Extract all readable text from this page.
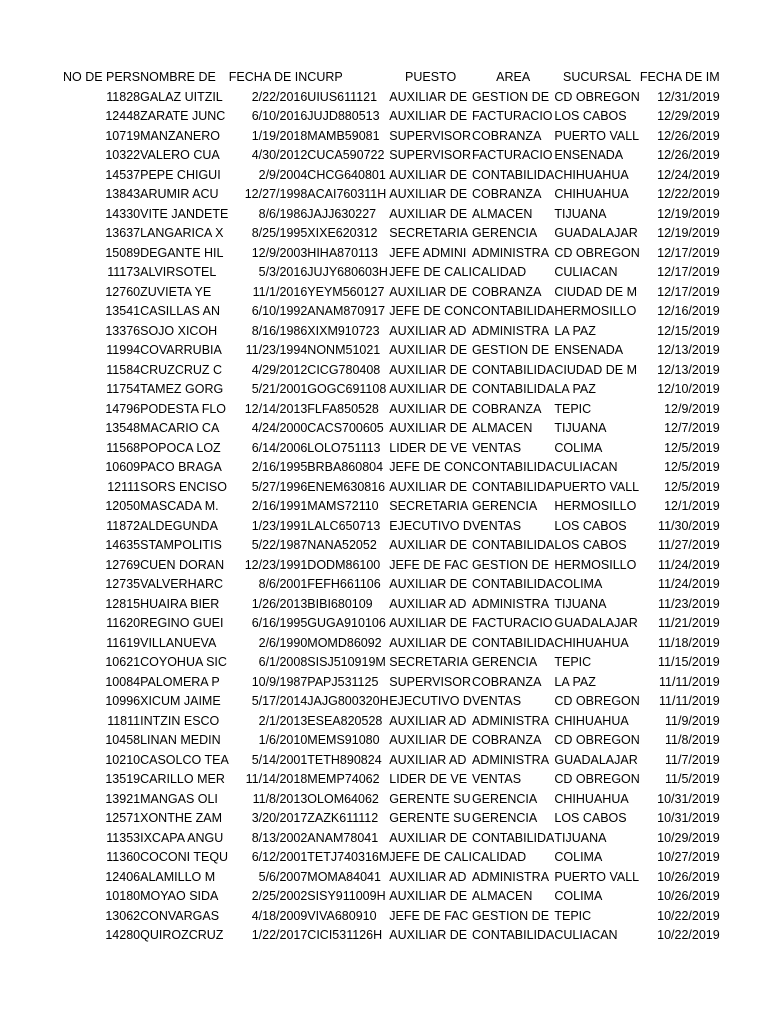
NO DE PERS	NOMBRE DE	FECHA DE IN	CURP	PUESTO	AREA	SUCURSAL	FECHA DE IM
11828	GALAZ UITZIL	2/22/2016	UIUS611121	AUXILIAR DE	GESTION DE	CD OBREGON	12/31/2019
12448	ZARATE JUNC	6/10/2016	JUJD880513	AUXILIAR DE	FACTURACIO	LOS CABOS	12/29/2019
10719	MANZANERO	1/19/2018	MAMB59081	SUPERVISOR	COBRANZA	PUERTO VALL	12/26/2019
10322	VALERO CUA	4/30/2012	CUCA590722	SUPERVISOR	FACTURACIO	ENSENADA	12/26/2019
14537	PEPE CHIGUI	2/9/2004	CHCG640801	AUXILIAR DE	CONTABILIDA	CHIHUAHUA	12/24/2019
13843	ARUMIR ACU	12/27/1998	ACAI760311H	AUXILIAR DE	COBRANZA	CHIHUAHUA	12/22/2019
14330	VITE JANDETE	8/6/1986	JAJJ630227	AUXILIAR DE	ALMACEN	TIJUANA	12/19/2019
13637	LANGARICA X	8/25/1995	XIXE620312	SECRETARIA	GERENCIA	GUADALAJAR	12/19/2019
15089	DEGANTE HIL	12/9/2003	HIHA870113	JEFE ADMINI	ADMINISTRA	CD OBREGON	12/17/2019
11173	ALVIRSOTEL	5/3/2016	JUJY680603H	JEFE DE CALI	CALIDAD	CULIACAN	12/17/2019
12760	ZUVIETA YE	11/1/2016	YEYM560127	AUXILIAR DE	COBRANZA	CIUDAD DE M	12/17/2019
13541	CASILLAS AN	6/10/1992	ANAM870917	JEFE DE CON	CONTABILIDA	HERMOSILLO	12/16/2019
13376	SOJO XICOH	8/16/1986	XIXM910723	AUXILIAR AD	ADMINISTRA	LA PAZ	12/15/2019
11994	COVARRUBIA	11/23/1994	NONM51021	AUXILIAR DE	GESTION DE	ENSENADA	12/13/2019
11584	CRUZCRUZ C	4/29/2012	CICG780408	AUXILIAR DE	CONTABILIDA	CIUDAD DE M	12/13/2019
11754	TAMEZ GORG	5/21/2001	GOGC691108	AUXILIAR DE	CONTABILIDA	LA PAZ	12/10/2019
14796	PODESTA FLO	12/14/2013	FLFA850528	AUXILIAR DE	COBRANZA	TEPIC	12/9/2019
13548	MACARIO CA	4/24/2000	CACS700605	AUXILIAR DE	ALMACEN	TIJUANA	12/7/2019
11568	POPOCA LOZ	6/14/2006	LOLO751113	LIDER DE VE	VENTAS	COLIMA	12/5/2019
10609	PACO BRAGA	2/16/1995	BRBA860804	JEFE DE CON	CONTABILIDA	CULIACAN	12/5/2019
12111	SORS ENCISO	5/27/1996	ENEM630816	AUXILIAR DE	CONTABILIDA	PUERTO VALL	12/5/2019
12050	MASCADA M.	2/16/1991	MAMS72110	SECRETARIA	GERENCIA	HERMOSILLO	12/1/2019
11872	ALDEGUNDA	1/23/1991	LALC650713	EJECUTIVO D	VENTAS	LOS CABOS	11/30/2019
14635	STAMPOLITIS	5/22/1987	NANA52052	AUXILIAR DE	CONTABILIDA	LOS CABOS	11/27/2019
12769	CUEN DORAN	12/23/1991	DODM86100	JEFE DE FAC	GESTION DE	HERMOSILLO	11/24/2019
12735	VALVERHARC	8/6/2001	FEFH661106	AUXILIAR DE	CONTABILIDA	COLIMA	11/24/2019
12815	HUAIRA BIER	1/26/2013	BIBI680109	AUXILIAR AD	ADMINISTRA	TIJUANA	11/23/2019
11620	REGINO GUEI	6/16/1995	GUGA910106	AUXILIAR DE	FACTURACIO	GUADALAJAR	11/21/2019
11619	VILLANUEVA	2/6/1990	MOMD86092	AUXILIAR DE	CONTABILIDA	CHIHUAHUA	11/18/2019
10621	COYOHUA SIC	6/1/2008	SISJ510919M	SECRETARIA	GERENCIA	TEPIC	11/15/2019
10084	PALOMERA P	10/9/1987	PAPJ531125	SUPERVISOR	COBRANZA	LA PAZ	11/11/2019
10996	XICUM JAIME	5/17/2014	JAJG800320H	EJECUTIVO D	VENTAS	CD OBREGON	11/11/2019
11811	INTZIN ESCO	2/1/2013	ESEA820528	AUXILIAR AD	ADMINISTRA	CHIHUAHUA	11/9/2019
10458	LINAN MEDIN	1/6/2010	MEMS91080	AUXILIAR DE	COBRANZA	CD OBREGON	11/8/2019
10210	CASOLCO TEA	5/14/2001	TETH890824	AUXILIAR AD	ADMINISTRA	GUADALAJAR	11/7/2019
13519	CARILLO MER	11/14/2018	MEMP74062	LIDER DE VE	VENTAS	CD OBREGON	11/5/2019
13921	MANGAS OLI	11/8/2013	OLOM64062	GERENTE SU	GERENCIA	CHIHUAHUA	10/31/2019
12571	XONTHE ZAM	3/20/2017	ZAZK611112	GERENTE SU	GERENCIA	LOS CABOS	10/31/2019
11353	IXCAPA ANGU	8/13/2002	ANAM78041	AUXILIAR DE	CONTABILIDA	TIJUANA	10/29/2019
11360	COCONI TEQU	6/12/2001	TETJ740316M	JEFE DE CALI	CALIDAD	COLIMA	10/27/2019
12406	ALAMILLO M	5/6/2007	MOMA84041	AUXILIAR AD	ADMINISTRA	PUERTO VALL	10/26/2019
10180	MOYAO SIDA	2/25/2002	SISY911009H	AUXILIAR DE	ALMACEN	COLIMA	10/26/2019
13062	CONVARGAS	4/18/2009	VIVA680910	JEFE DE FAC	GESTION DE	TEPIC	10/22/2019
14280	QUIROZCRUZ	1/22/2017	CICI531126H	AUXILIAR DE	CONTABILIDA	CULIACAN	10/22/2019
